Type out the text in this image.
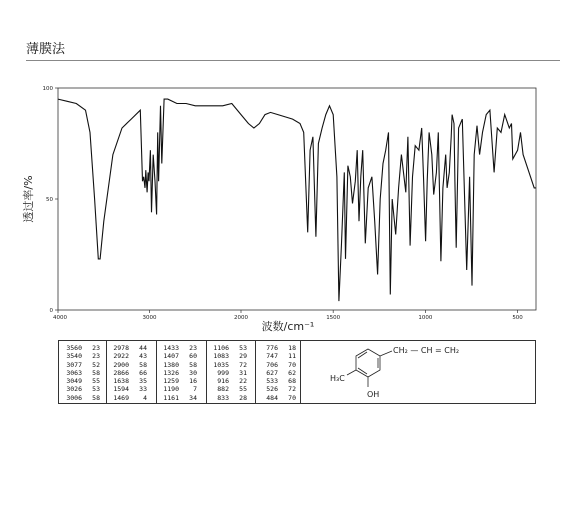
薄膜法
4000	3000	2000	1500	1000	500
0
50
100
波数/cm⁻¹
透过率/%
3560 23
3540 23
3077 52
3063 58
3049 55
3026 53
3006 58
2978 44
2922 43
2900 58
2866 66
1638 35
1594 33
1469 4
1433 23
1407 60
1380 58
1326 30
1259 16
1190 7
1161 34
1106 53
1083 29
1035 72
999 31
916 22
882 55
833 28
776 18
747 11
706 70
627 62
533 68
526 72
484 70
CH₂ — CH = CH₂
OH
H₃C
